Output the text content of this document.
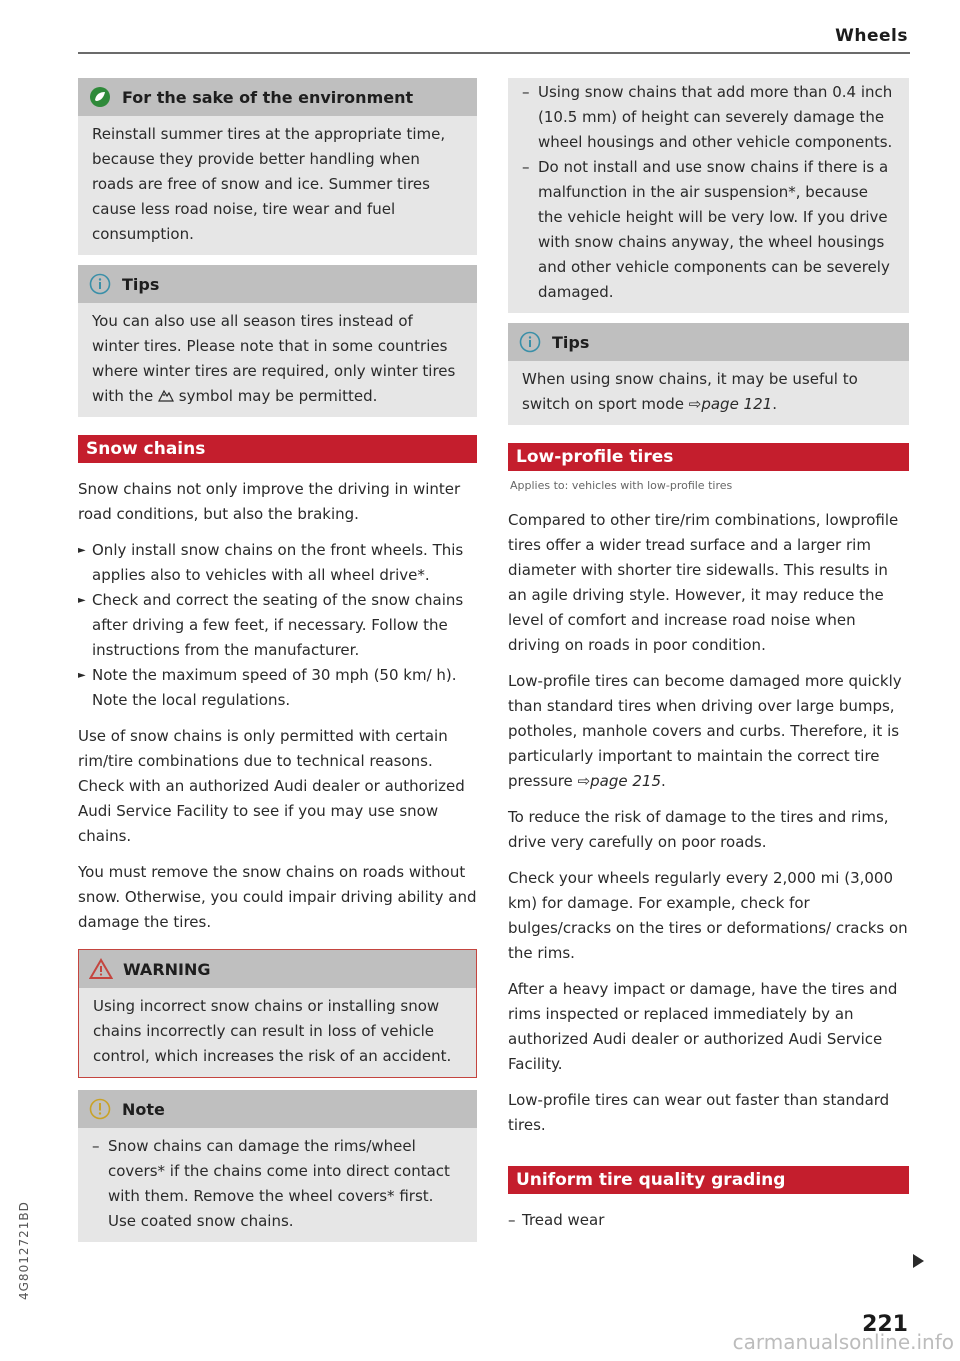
Wheels
For the sake of the environment

Reinstall summer tires at the appropriate time, because they provide better handling when roads are free of snow and ice. Summer tires cause less road noise, tire wear and fuel consumption.

Tips

You can also use all season tires instead of winter tires. Please note that in some countries where winter tires are required, only winter tires with the  symbol may be permitted.

Snow chains

Snow chains not only improve the driving in winter road conditions, but also the braking.

► Only install snow chains on the front wheels. This applies also to vehicles with all wheel drive*.
► Check and correct the seating of the snow chains after driving a few feet, if necessary. Follow the instructions from the manufacturer.
► Note the maximum speed of 30 mph (50 km/ h). Note the local regulations.

Use of snow chains is only permitted with certain rim/tire combinations due to technical reasons. Check with an authorized Audi dealer or authorized Audi Service Facility to see if you may use snow chains.

You must remove the snow chains on roads without snow. Otherwise, you could impair driving ability and damage the tires.

WARNING

Using incorrect snow chains or installing snow chains incorrectly can result in loss of vehicle control, which increases the risk of an accident.

Note
– Snow chains can damage the rims/wheel covers* if the chains come into direct contact with them. Remove the wheel covers* first. Use coated snow chains.
– Using snow chains that add more than 0.4 inch (10.5 mm) of height can severely damage the wheel housings and other vehicle components.
– Do not install and use snow chains if there is a malfunction in the air suspension*, because the vehicle height will be very low. If you drive with snow chains anyway, the wheel housings and other vehicle components can be severely damaged.
Tips

When using snow chains, it may be useful to switch on sport mode ⇨page 121.

Low-profile tires
Applies to: vehicles with low-profile tires

Compared to other tire/rim combinations, lowprofile tires offer a wider tread surface and a larger rim diameter with shorter tire sidewalls. This results in an agile driving style. However, it may reduce the level of comfort and increase road noise when driving on roads in poor condition.

Low-profile tires can become damaged more quickly than standard tires when driving over large bumps, potholes, manhole covers and curbs. Therefore, it is particularly important to maintain the correct tire pressure ⇨page 215.

To reduce the risk of damage to the tires and rims, drive very carefully on poor roads.

Check your wheels regularly every 2,000 mi (3,000 km) for damage. For example, check for bulges/cracks on the tires or deformations/ cracks on the rims.

After a heavy impact or damage, have the tires and rims inspected or replaced immediately by an authorized Audi dealer or authorized Audi Service Facility.

Low-profile tires can wear out faster than standard tires.

Uniform tire quality grading
– Tread wear
221
4G8012721BD
carmanualsonline.info
